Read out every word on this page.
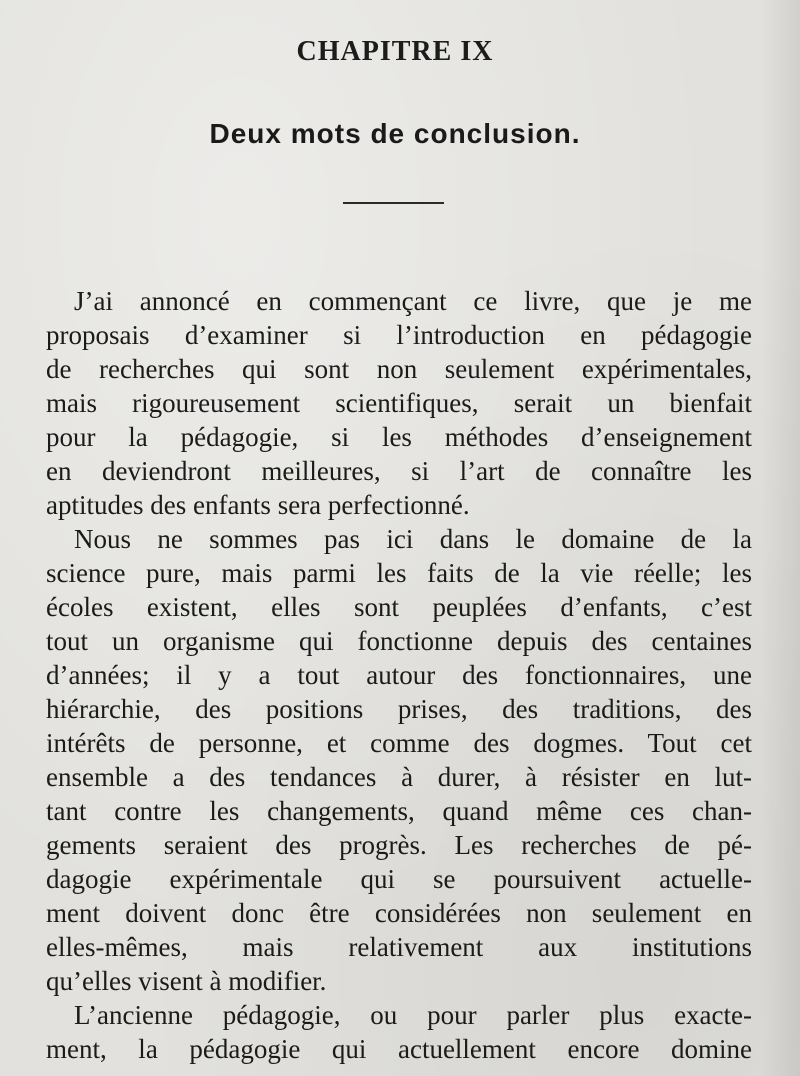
CHAPITRE IX
Deux mots de conclusion.
J’ai annoncé en commençant ce livre, que je me
proposais d’examiner si l’introduction en pédagogie
de recherches qui sont non seulement expérimentales,
mais rigoureusement scientifiques, serait un bienfait
pour la pédagogie, si les méthodes d’enseignement
en deviendront meilleures, si l’art de connaître les
aptitudes des enfants sera perfectionné.
Nous ne sommes pas ici dans le domaine de la
science pure, mais parmi les faits de la vie réelle; les
écoles existent, elles sont peuplées d’enfants, c’est
tout un organisme qui fonctionne depuis des centaines
d’années; il y a tout autour des fonctionnaires, une
hiérarchie, des positions prises, des traditions, des
intérêts de personne, et comme des dogmes. Tout cet
ensemble a des tendances à durer, à résister en lut-
tant contre les changements, quand même ces chan-
gements seraient des progrès. Les recherches de pé-
dagogie expérimentale qui se poursuivent actuelle-
ment doivent donc être considérées non seulement en
elles-mêmes, mais relativement aux institutions
qu’elles visent à modifier.
L’ancienne pédagogie, ou pour parler plus exacte-
ment, la pédagogie qui actuellement encore domine
